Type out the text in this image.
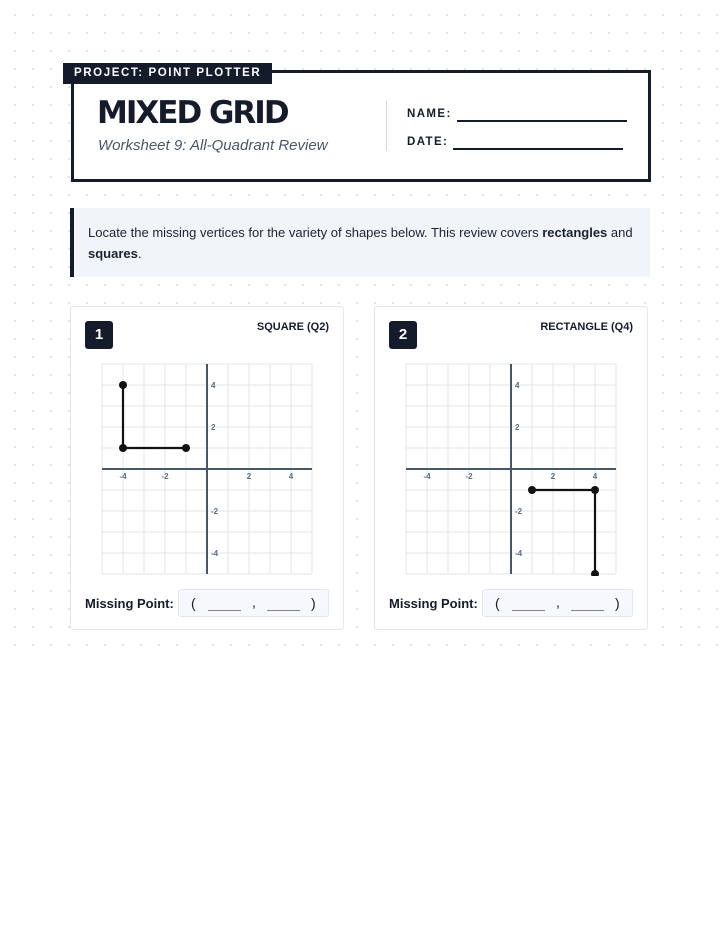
PROJECT: POINT PLOTTER
MIXED GRID
Worksheet 9: All-Quadrant Review
NAME:
DATE:
Locate the missing vertices for the variety of shapes below. This review covers rectangles and squares.
1	SQUARE (Q2)
-4	-2	2	4
4
2
-2
-4
Missing Point: (	,	)
2	RECTANGLE (Q4)
-4	-2	2	4
4
2
-2
-4
Missing Point: (	,	)
